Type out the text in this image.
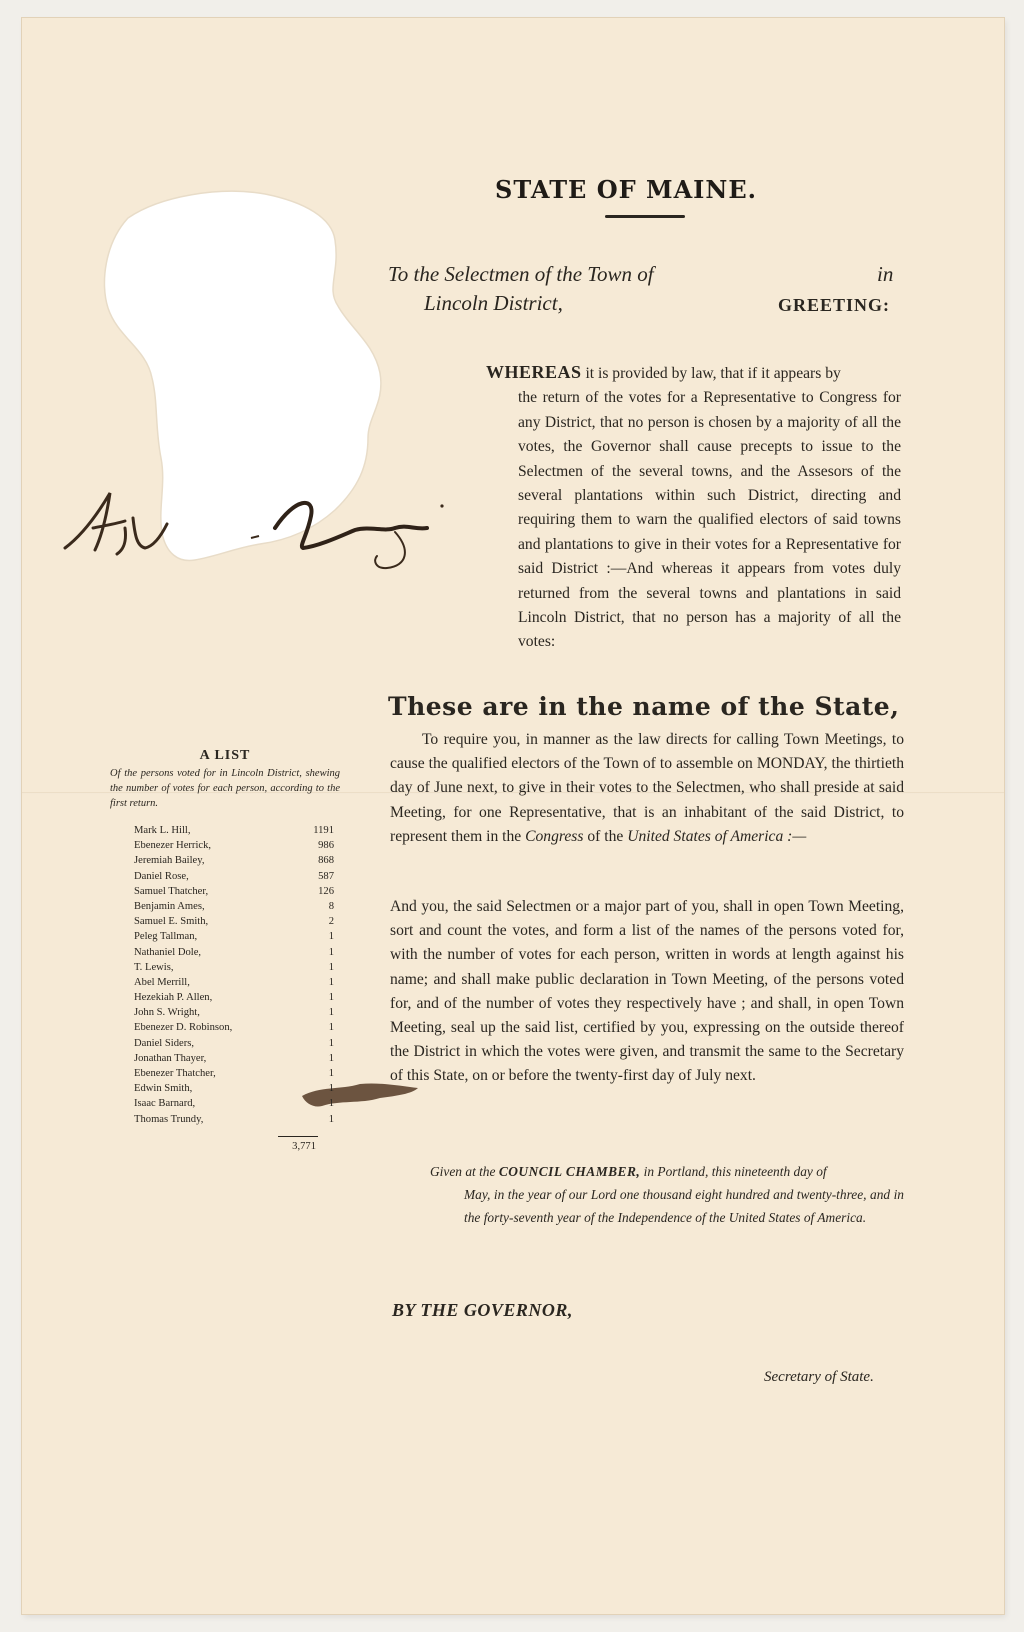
STATE OF MAINE.
To the Selectmen of the Town of	in
Lincoln District,	GREETING:
WHEREAS it is provided by law, that if it appears by
the return of the votes for a Representative to Congress for any District, that no person is chosen by a majority of all the votes, the Governor shall cause precepts to issue to the Selectmen of the several towns, and the Assesors of the several plantations within such District, directing and requiring them to warn the qualified electors of said towns and plantations to give in their votes for a Representative for said District :—And whereas it appears from votes duly returned from the several towns and plantations in said Lincoln District, that no person has a majority of all the votes:
These are in the name of the State,
To require you, in manner as the law directs for calling Town Meetings, to cause the qualified electors of the Town of to assemble on MONDAY, the thirtieth day of June next, to give in their votes to the Selectmen, who shall preside at said Meeting, for one Representative, that is an inhabitant of the said District, to represent them in the Congress of the United States of America :—
And you, the said Selectmen or a major part of you, shall in open Town Meeting, sort and count the votes, and form a list of the names of the persons voted for, with the number of votes for each person, written in words at length against his name; and shall make public declaration in Town Meeting, of the persons voted for, and of the number of votes they respectively have ; and shall, in open Town Meeting, seal up the said list, certified by you, expressing on the outside thereof the District in which the votes were given, and transmit the same to the Secretary of this State, on or before the twenty-first day of July next.
A LIST
Of the persons voted for in Lincoln District, shewing the number of votes for each person, according to the first return.
Mark L. Hill,	1191
Ebenezer Herrick,	986
Jeremiah Bailey,	868
Daniel Rose,	587
Samuel Thatcher,	126
Benjamin Ames,	8
Samuel E. Smith,	2
Peleg Tallman,	1
Nathaniel Dole,	1
T. Lewis,	1
Abel Merrill,	1
Hezekiah P. Allen,	1
John S. Wright,	1
Ebenezer D. Robinson,	1
Daniel Siders,	1
Jonathan Thayer,	1
Ebenezer Thatcher,	1
Edwin Smith,	1
Isaac Barnard,	1
Thomas Trundy,	1
3,771
Given at the COUNCIL CHAMBER, in Portland, this nineteenth day of
May, in the year of our Lord one thousand eight hundred and twenty-three, and in the forty-seventh year of the Independence of the United States of America.
BY THE GOVERNOR,
Secretary of State.
